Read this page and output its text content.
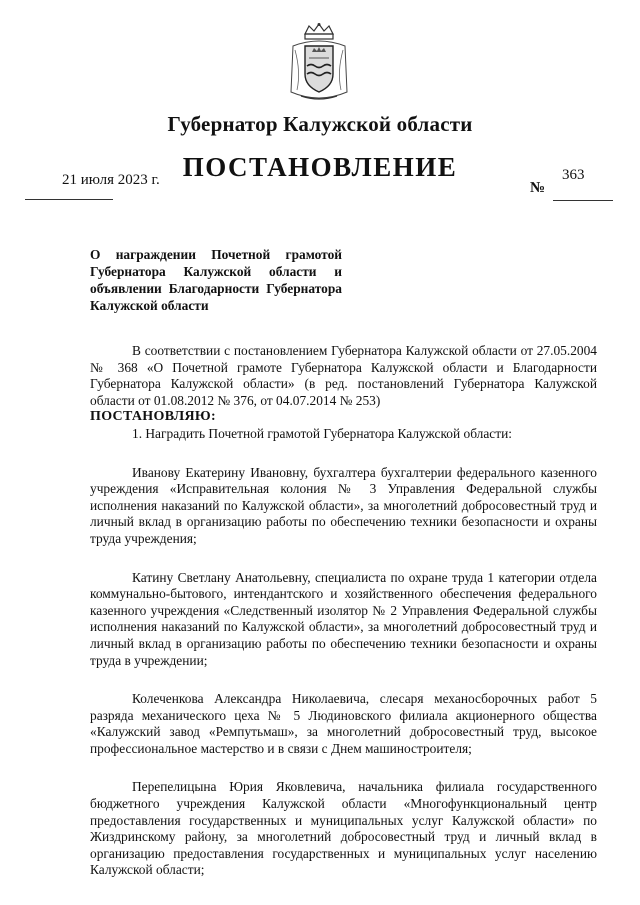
Губернатор Калужской области
ПОСТАНОВЛЕНИЕ
21 июля 2023 г.	№
363
О награждении Почетной грамотой Губернатора Калужской области и объявлении Благодарности Губернатора Калужской области

В соответствии с постановлением Губернатора Калужской области от 27.05.2004 № 368 «О Почетной грамоте Губернатора Калужской области и Благодарности Губернатора Калужской области» (в ред. постановлений Губернатора Калужской области от 01.08.2012 № 376, от 04.07.2014 № 253)

ПОСТАНОВЛЯЮ:

1. Наградить Почетной грамотой Губернатора Калужской области:

Иванову Екатерину Ивановну, бухгалтера бухгалтерии федерального казенного учреждения «Исправительная колония № 3 Управления Федеральной службы исполнения наказаний по Калужской области», за многолетний добросовестный труд и личный вклад в организацию работы по обеспечению техники безопасности и охраны труда учреждения;

Катину Светлану Анатольевну, специалиста по охране труда 1 категории отдела коммунально-бытового, интендантского и хозяйственного обеспечения федерального казенного учреждения «Следственный изолятор № 2 Управления Федеральной службы исполнения наказаний по Калужской области», за многолетний добросовестный труд и личный вклад в организацию работы по обеспечению техники безопасности и охраны труда в учреждении;

Колеченкова Александра Николаевича, слесаря механосборочных работ 5 разряда механического цеха № 5 Людиновского филиала акционерного общества «Калужский завод «Ремпутьмаш», за многолетний добросовестный труд, высокое профессиональное мастерство и в связи с Днем машиностроителя;

Перепелицына Юрия Яковлевича, начальника филиала государственного бюджетного учреждения Калужской области «Многофункциональный центр предоставления государственных и муниципальных услуг Калужской области» по Жиздринскому району, за многолетний добросовестный труд и личный вклад в организацию предоставления государственных и муниципальных услуг населению Калужской области;
